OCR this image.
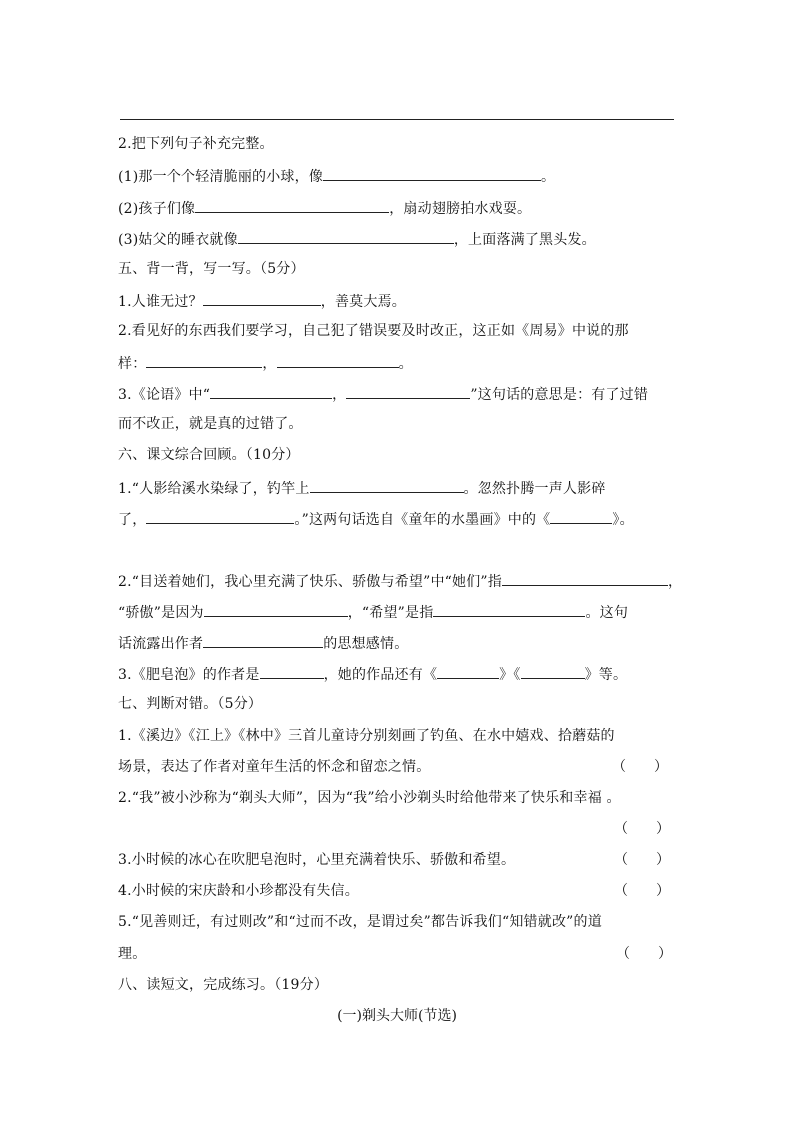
2.把下列句子补充完整。
(1)那一个个轻清脆丽的小球，像	。
(2)孩子们像	，扇动翅膀拍水戏耍。
(3)姑父的睡衣就像	，上面落满了黑头发。
五、背一背，写一写。（5分）
1.人谁无过？	，善莫大焉。
2.看见好的东西我们要学习，自己犯了错误要及时改正，这正如《周易》中说的那
样：	，	。
3.《论语》中“	，	”这句话的意思是：有了过错
而不改正，就是真的过错了。
六、课文综合回顾。（10分）
1.“人影给溪水染绿了，钓竿上	。忽然扑腾一声人影碎
了，	。”这两句话选自《童年的水墨画》中的《	》。
2.“目送着她们，我心里充满了快乐、骄傲与希望”中“她们”指	，
“骄傲”是因为	，“希望”是指	。这句
话流露出作者	的思想感情。
3.《肥皂泡》的作者是	，她的作品还有《	》《	》等。
七、判断对错。（5分）
1.《溪边》《江上》《林中》三首儿童诗分别刻画了钓鱼、在水中嬉戏、拾蘑菇的
场景，表达了作者对童年生活的怀念和留恋之情。	（　　）
2.“我”被小沙称为“剃头大师”，因为“我”给小沙剃头时给他带来了快乐和幸福 。
（　　）
3.小时候的冰心在吹肥皂泡时，心里充满着快乐、骄傲和希望。	（　　）
4.小时候的宋庆龄和小珍都没有失信。	（　　）
5.“见善则迁，有过则改”和“过而不改，是谓过矣”都告诉我们“知错就改”的道
理。	（　　）
八、读短文，完成练习。（19分）
(一)剃头大师(节选)
